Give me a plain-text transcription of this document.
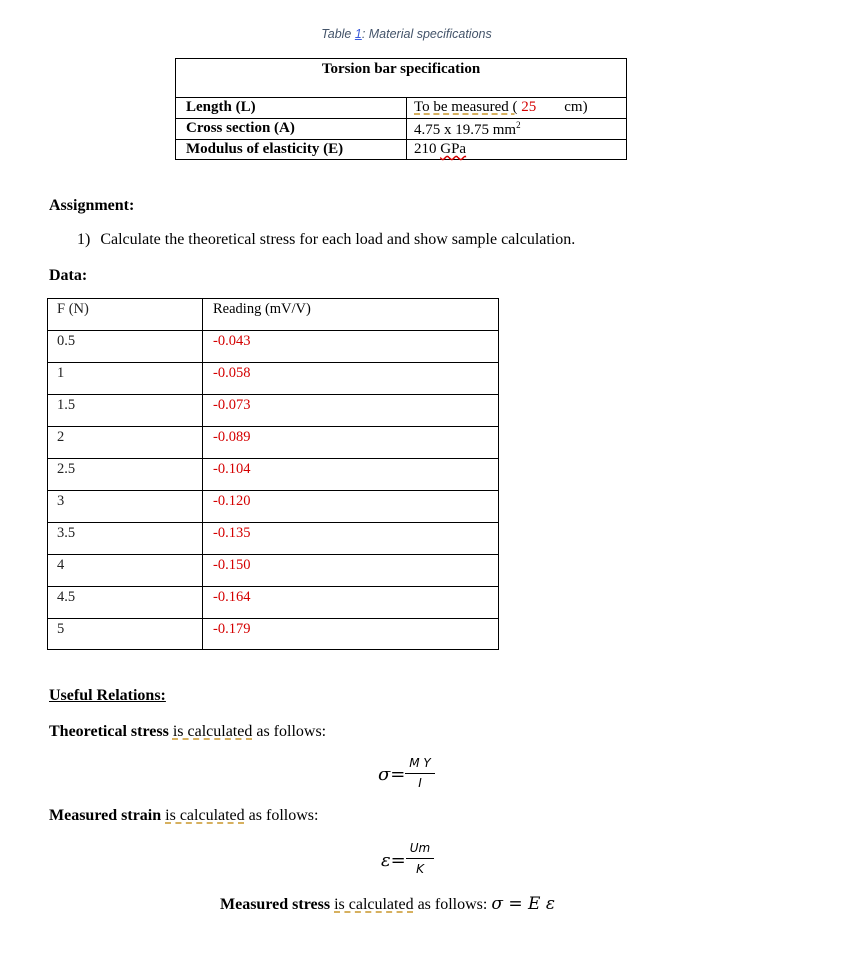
Table 1: Material specifications
Torsion bar specification
Length (L)	To be measured ( 25 cm)
Cross section (A)	4.75 x 19.75 $mm^2$
Modulus of elasticity (E)	210 GPa
Assignment:
1) Calculate the theoretical stress for each load and show sample calculation.
Data:
F (N)	Reading (mV/V)
0.5	-0.043
1	-0.058
1.5	-0.073
2	-0.089
2.5	-0.104
3	-0.120
3.5	-0.135
4	-0.150
4.5	-0.164
5	-0.179
Useful Relations:
Theoretical stress is calculated as follows:
σ=
M Y
I
Measured strain is calculated as follows:
ε=
Um
K
Measured stress is calculated as follows: σ = E ε
